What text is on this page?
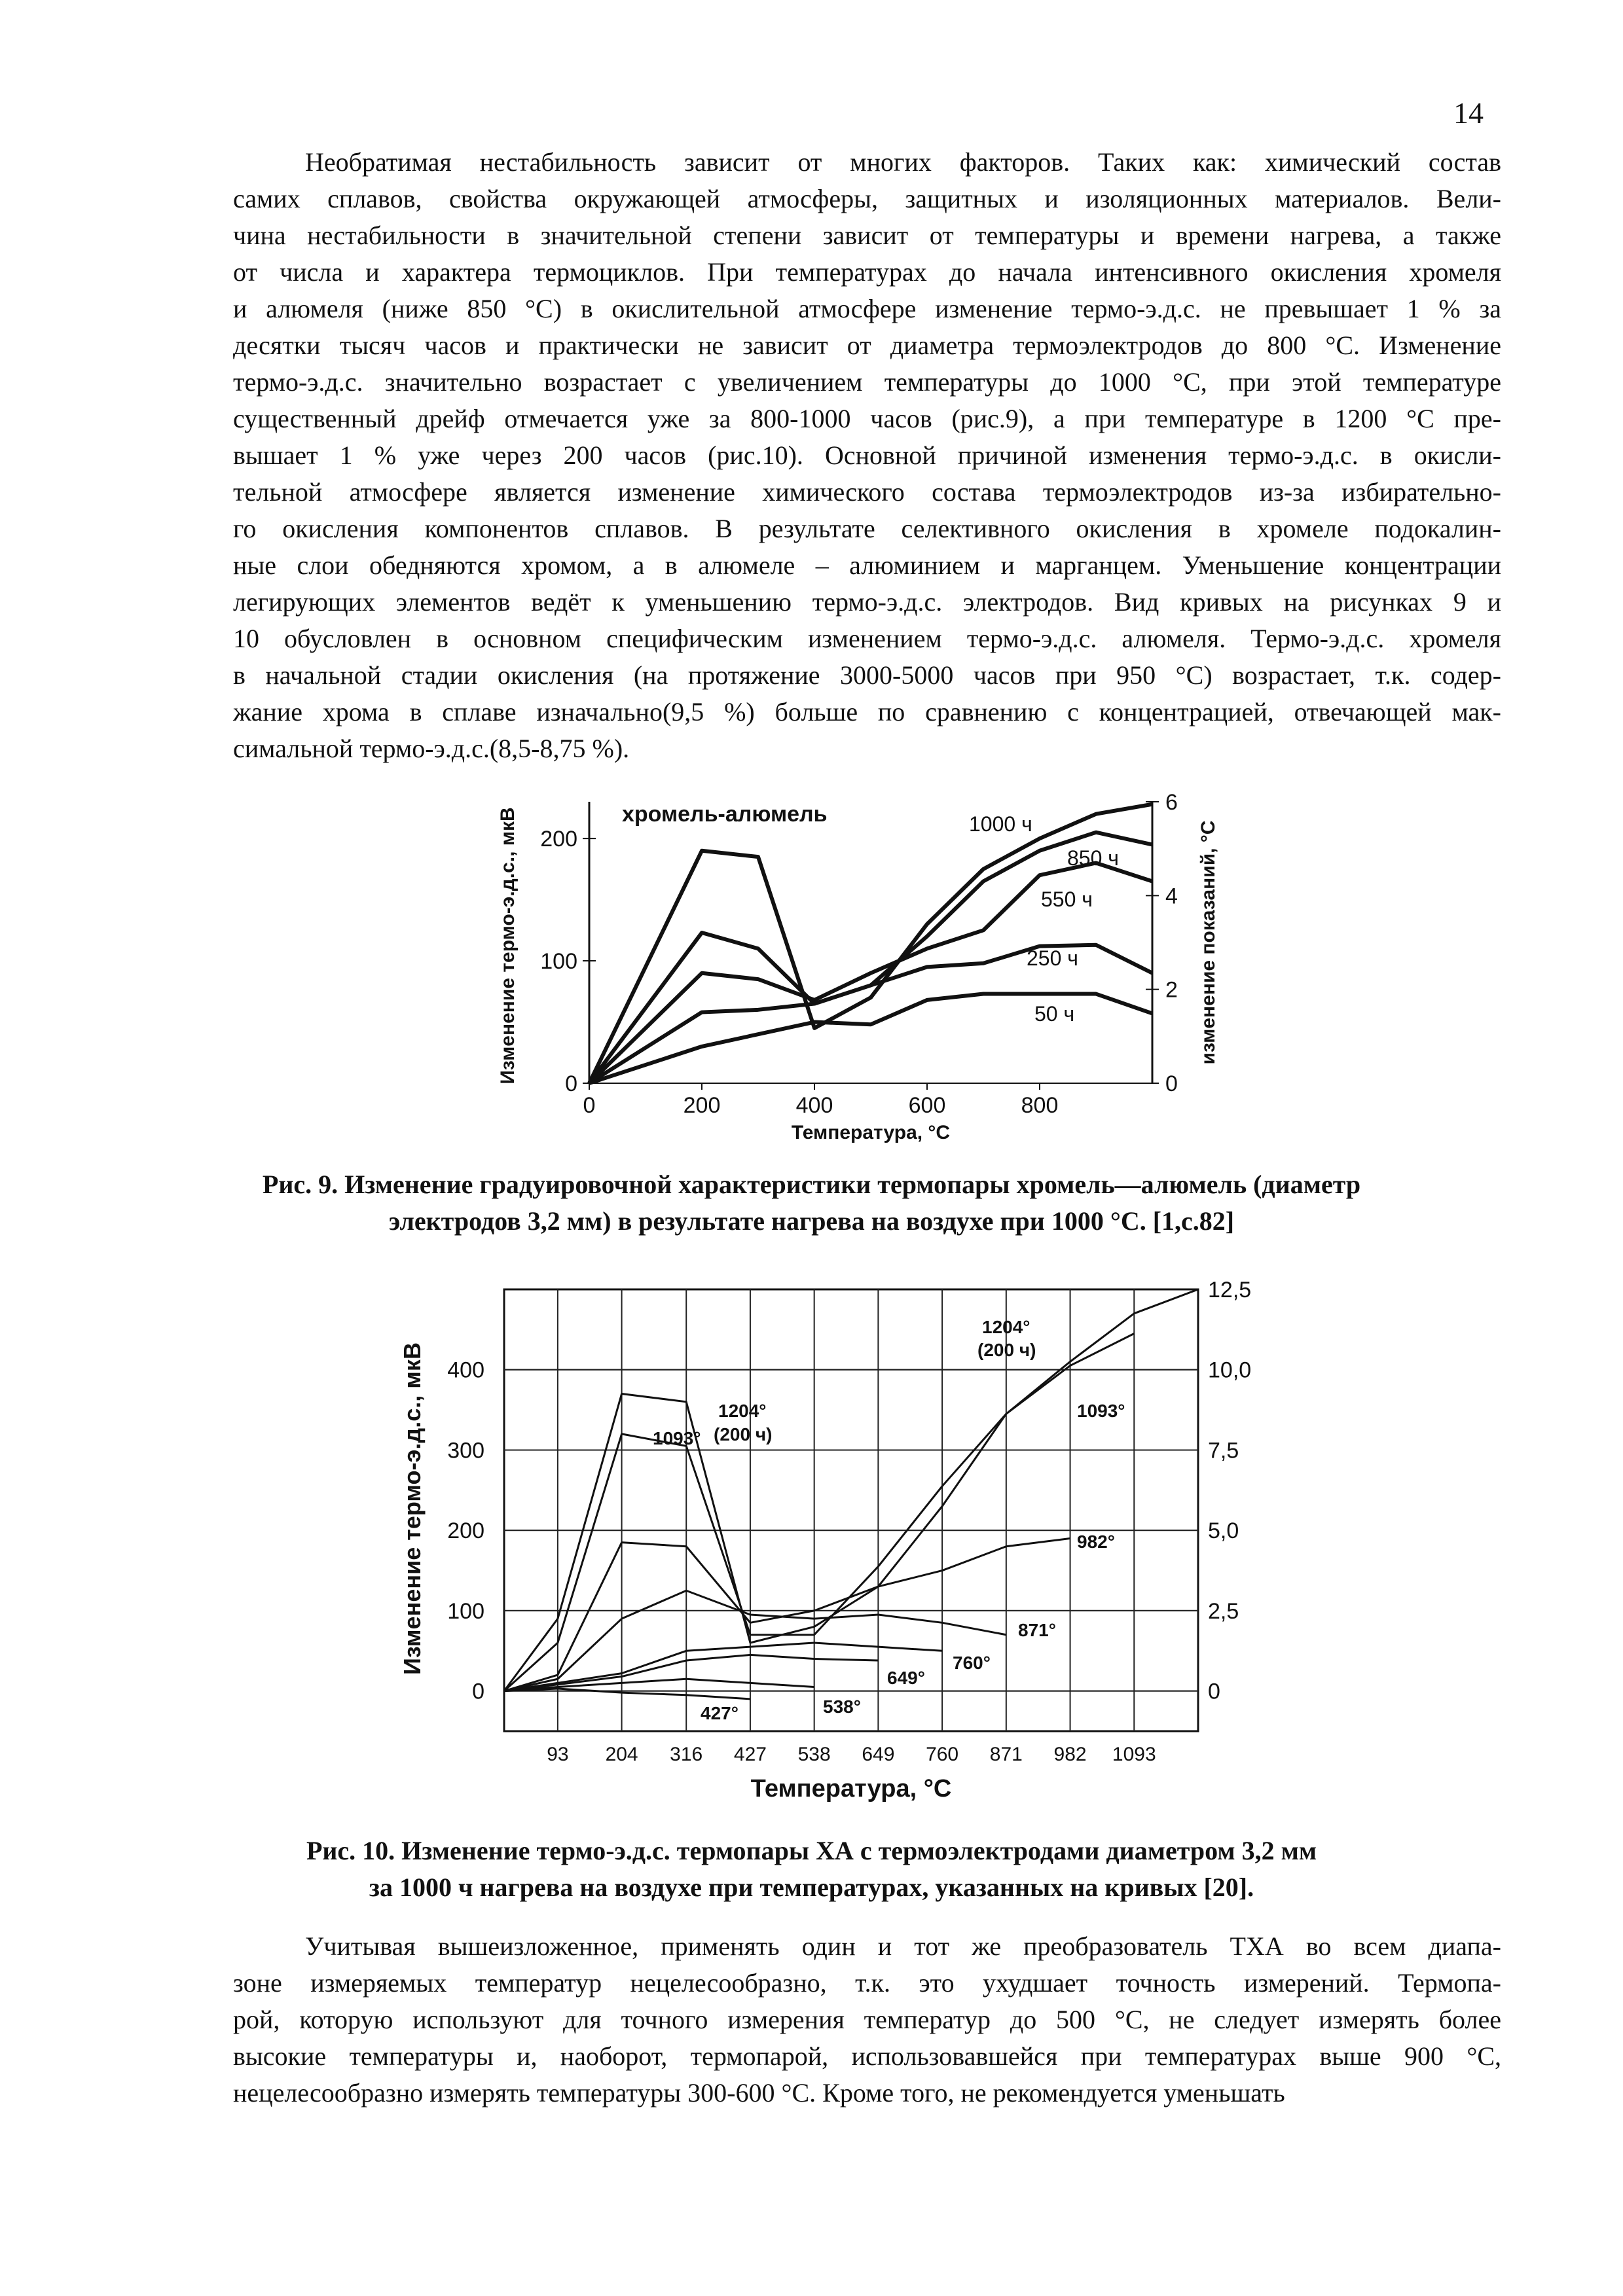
14

Необратимая нестабильность зависит от многих факторов. Таких как: химический состав
самих сплавов, свойства окружающей атмосферы, защитных и изоляционных материалов. Вели-
чина нестабильности в значительной степени зависит от температуры и времени нагрева, а также
от числа и характера термоциклов. При температурах до начала интенсивного окисления хромеля
и алюмеля (ниже 850 °С) в окислительной атмосфере изменение термо-э.д.с. не превышает 1 % за
десятки тысяч часов и практически не зависит от диаметра термоэлектродов до 800 °С. Изменение
термо-э.д.с. значительно возрастает с увеличением температуры до 1000 °С, при этой температуре
существенный дрейф отмечается уже за 800-1000 часов (рис.9), а при температуре в 1200 °С пре-
вышает 1 % уже через 200 часов (рис.10). Основной причиной изменения термо-э.д.с. в окисли-
тельной атмосфере является изменение химического состава термоэлектродов из-за избирательно-
го окисления компонентов сплавов. В результате селективного окисления в хромеле подокалин-
ные слои обедняются хромом, а в алюмеле – алюминием и марганцем. Уменьшение концентрации
легирующих элементов ведёт к уменьшению термо-э.д.с. электродов. Вид кривых на рисунках 9 и
10 обусловлен в основном специфическим изменением термо-э.д.с. алюмеля. Термо-э.д.с. хромеля
в начальной стадии окисления (на протяжение 3000-5000 часов при 950 °С) возрастает, т.к. содер-
жание хрома в сплаве изначально(9,5 %) больше по сравнению с концентрацией, отвечающей мак-
симальной термо-э.д.с.(8,5-8,75 %).

0	200	400	600	800
0
100
200
0
2
4
6
хромель-алюмель	1000 ч
850 ч
550 ч
250 ч
50 ч
Температура, °С
Изменение термо-э.д.с., мкВ	изменение показаний, °С
Рис. 9. Изменение градуировочной характеристики термопары хромель—алюмель (диаметр
электродов 3,2 мм) в результате нагрева на воздухе при 1000 °С. [1,с.82]
93 204 316 427 538 649 760 871 982 1093
0
100
200
300
400
0
2,5
5,0
7,5
10,0
12,5
1204°
(200 ч)
1204°
(200 ч)
1093°
1093°
982°
871°
760°
649°
538°
427°
Температура, °С
Изменение термо-э.д.с., мкВ
Рис. 10. Изменение термо-э.д.с. термопары ХА с термоэлектродами диаметром 3,2 мм
за 1000 ч нагрева на воздухе при температурах, указанных на кривых [20].

Учитывая вышеизложенное, применять один и тот же преобразователь ТХА во всем диапа-
зоне измеряемых температур нецелесообразно, т.к. это ухудшает точность измерений. Термопа-
рой, которую используют для точного измерения температур до 500 °С, не следует измерять более
высокие температуры и, наоборот, термопарой, использовавшейся при температурах выше 900 °С,
нецелесообразно измерять температуры 300-600 °С. Кроме того, не рекомендуется уменьшать
